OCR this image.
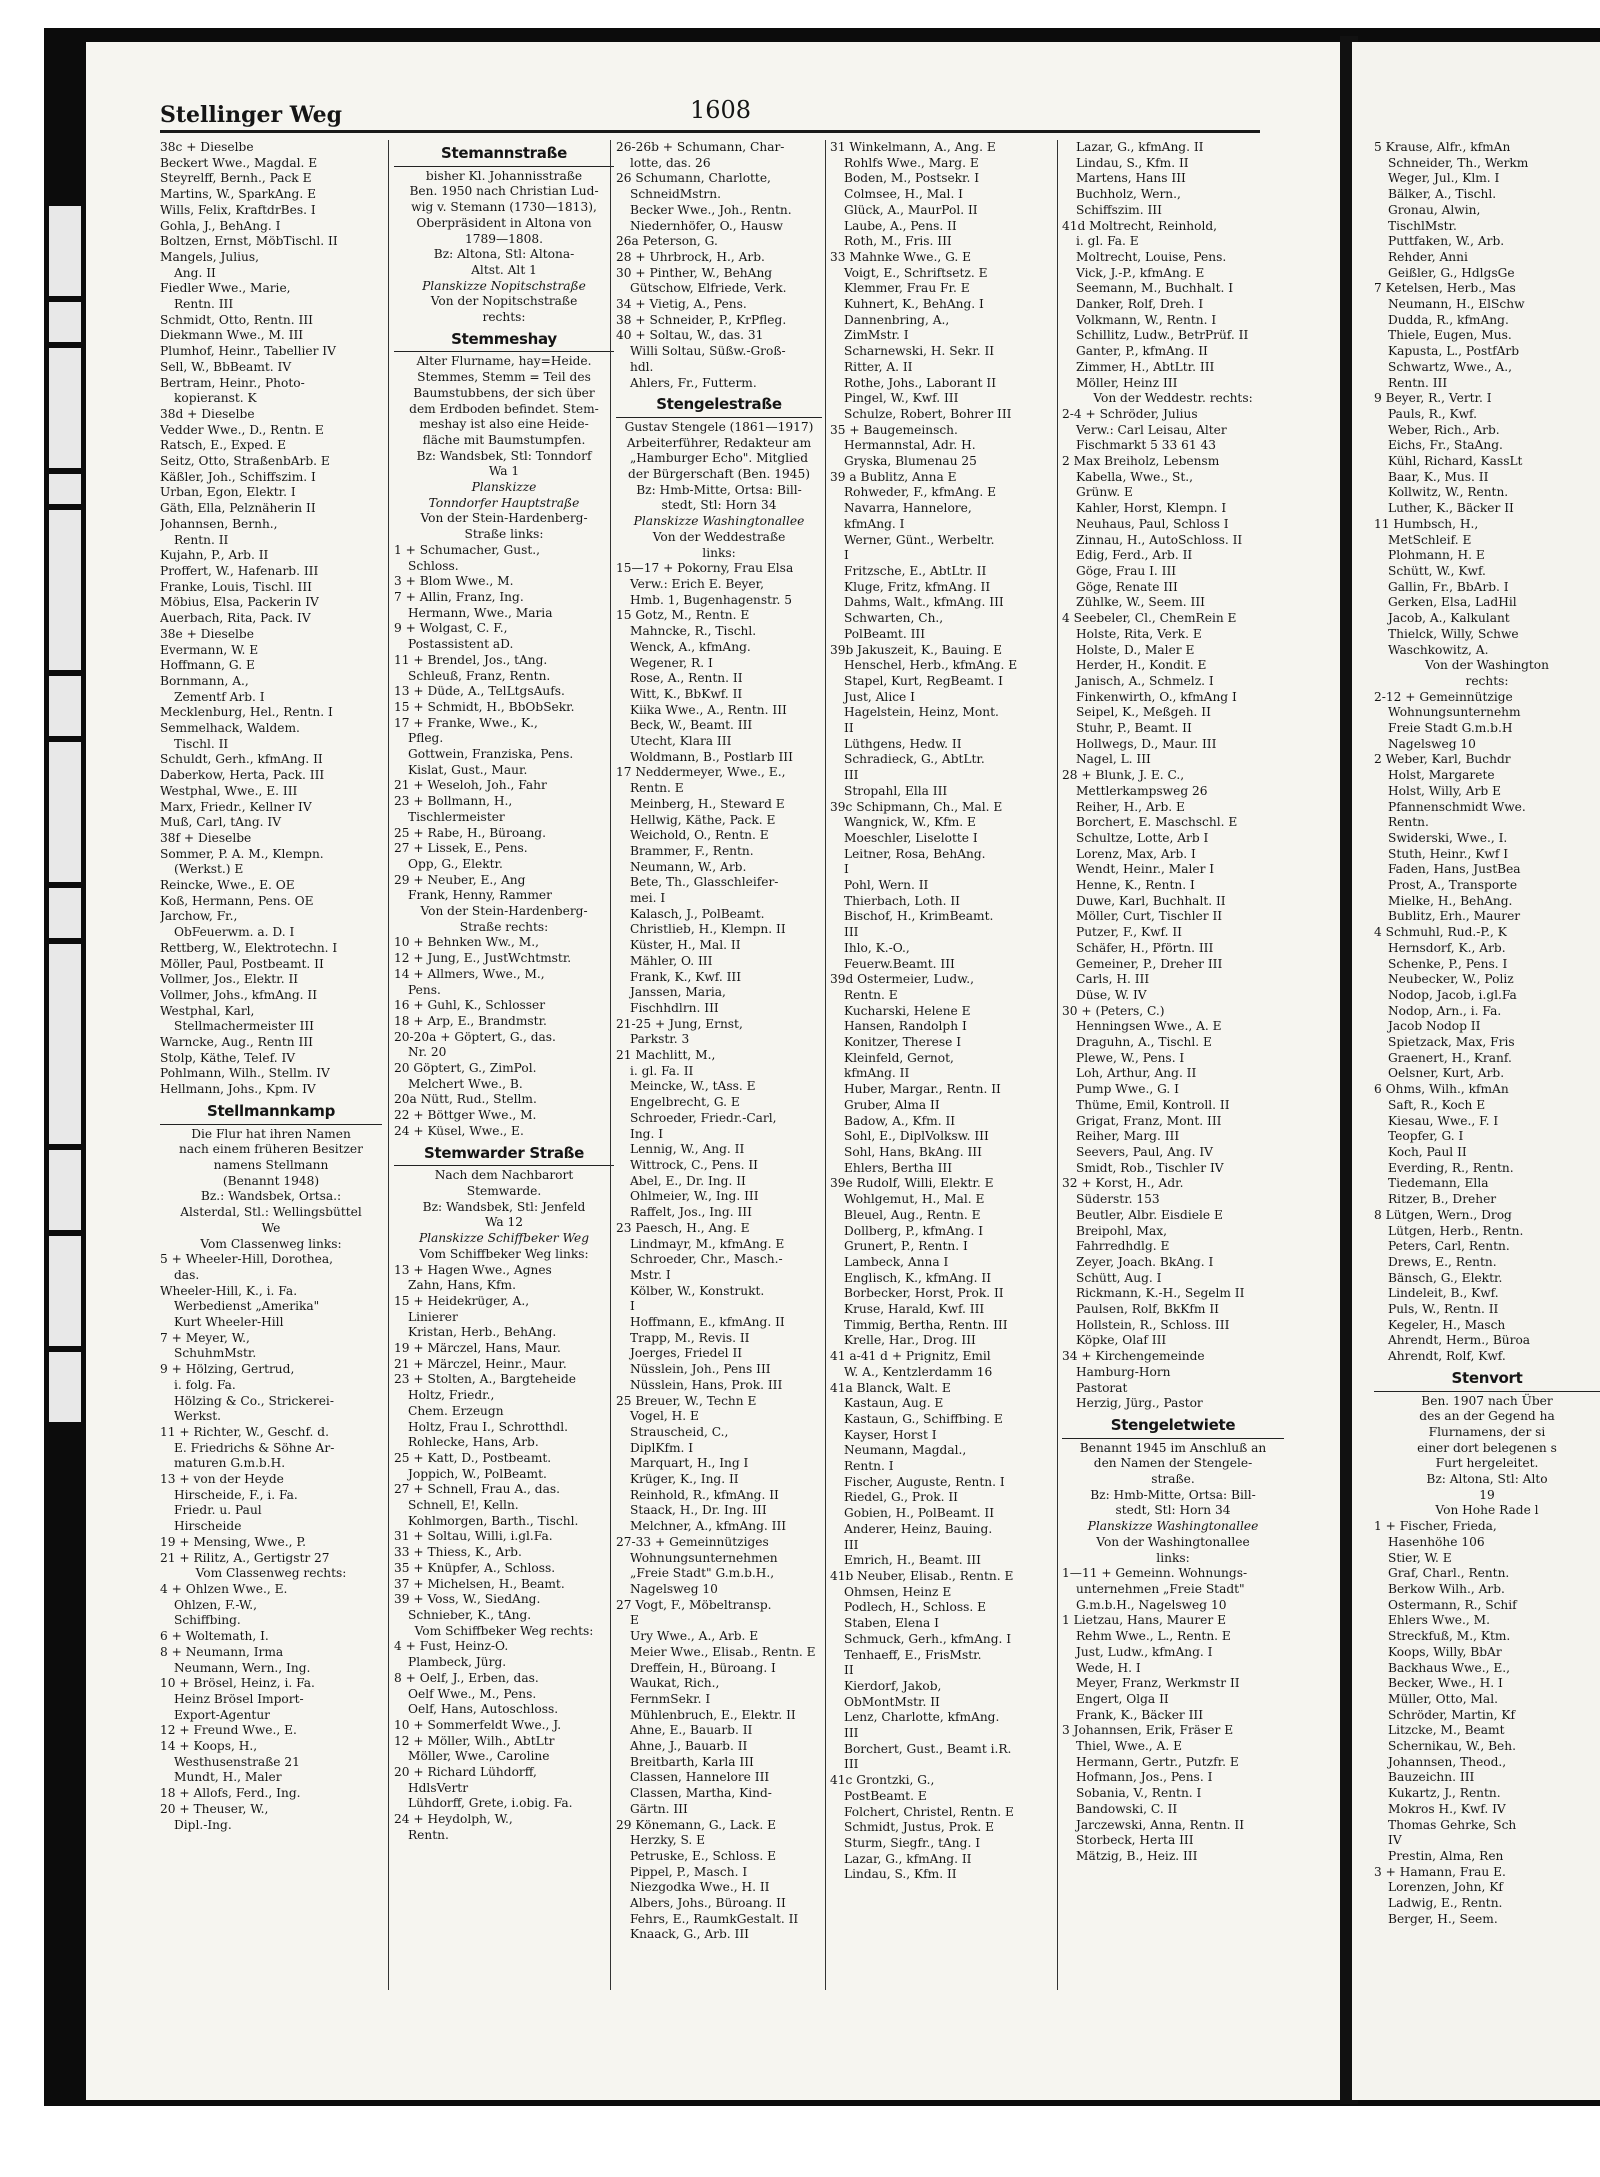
Stellinger Weg	1608
38c + Dieselbe
Beckert Wwe., Magdal. E
Steyrelff, Bernh., Pack E
Martins, W., SparkAng. E
Wills, Felix, KraftdrBes. I
Gohla, J., BehAng. I
Boltzen, Ernst, MöbTischl. II
Mangels, Julius,
Ang. II
Fiedler Wwe., Marie,
Rentn. III
Schmidt, Otto, Rentn. III
Diekmann Wwe., M. III
Plumhof, Heinr., Tabellier IV
Sell, W., BbBeamt. IV
Bertram, Heinr., Photo-
kopieranst. K
38d + Dieselbe
Vedder Wwe., D., Rentn. E
Ratsch, E., Exped. E
Seitz, Otto, StraßenbArb. E
Käßler, Joh., Schiffszim. I
Urban, Egon, Elektr. I
Gäth, Ella, Pelznäherin II
Johannsen, Bernh.,
Rentn. II
Kujahn, P., Arb. II
Proffert, W., Hafenarb. III
Franke, Louis, Tischl. III
Möbius, Elsa, Packerin IV
Auerbach, Rita, Pack. IV
38e + Dieselbe
Evermann, W. E
Hoffmann, G. E
Bornmann, A.,
Zementf Arb. I
Mecklenburg, Hel., Rentn. I
Semmelhack, Waldem.
Tischl. II
Schuldt, Gerh., kfmAng. II
Daberkow, Herta, Pack. III
Westphal, Wwe., E. III
Marx, Friedr., Kellner IV
Muß, Carl, tAng. IV
38f + Dieselbe
Sommer, P. A. M., Klempn.
(Werkst.) E
Reincke, Wwe., E. OE
Koß, Hermann, Pens. OE
Jarchow, Fr.,
ObFeuerwm. a. D. I
Rettberg, W., Elektrotechn. I
Möller, Paul, Postbeamt. II
Vollmer, Jos., Elektr. II
Vollmer, Johs., kfmAng. II
Westphal, Karl,
Stellmachermeister III
Warncke, Aug., Rentn III
Stolp, Käthe, Telef. IV
Pohlmann, Wilh., Stellm. IV
Hellmann, Johs., Kpm. IV
Stellmannkamp
Die Flur hat ihren Namen
nach einem früheren Besitzer
namens Stellmann
(Benannt 1948)
Bz.: Wandsbek, Ortsa.:
Alsterdal, Stl.: Wellingsbüttel
We
Vom Classenweg links:
5 + Wheeler-Hill, Dorothea,
das.
Wheeler-Hill, K., i. Fa.
Werbedienst „Amerika"
Kurt Wheeler-Hill
7 + Meyer, W.,
SchuhmMstr.
9 + Hölzing, Gertrud,
i. folg. Fa.
Hölzing & Co., Strickerei-
Werkst.
11 + Richter, W., Geschf. d.
E. Friedrichs & Söhne Ar-
maturen G.m.b.H.
13 + von der Heyde
Hirscheide, F., i. Fa.
Friedr. u. Paul
Hirscheide
19 + Mensing, Wwe., P.
21 + Rilitz, A., Gertigstr 27
Vom Classenweg rechts:
4 + Ohlzen Wwe., E.
Ohlzen, F.-W.,
Schiffbing.
6 + Woltemath, I.
8 + Neumann, Irma
Neumann, Wern., Ing.
10 + Brösel, Heinz, i. Fa.
Heinz Brösel Import-
Export-Agentur
12 + Freund Wwe., E.
14 + Koops, H.,
Westhusenstraße 21
Mundt, H., Maler
18 + Allofs, Ferd., Ing.
20 + Theuser, W.,
Dipl.-Ing.
Stemannstraße
bisher Kl. Johannisstraße
Ben. 1950 nach Christian Lud-
wig v. Stemann (1730—1813),
Oberpräsident in Altona von
1789—1808.
Bz: Altona, Stl: Altona-
Altst. Alt 1
Planskizze Nopitschstraße
Von der Nopitschstraße
rechts:
Stemmeshay
Alter Flurname, hay=Heide.
Stemmes, Stemm = Teil des
Baumstubbens, der sich über
dem Erdboden befindet. Stem-
meshay ist also eine Heide-
fläche mit Baumstumpfen.
Bz: Wandsbek, Stl: Tonndorf
Wa 1
Planskizze
Tonndorfer Hauptstraße
Von der Stein-Hardenberg-
Straße links:
1 + Schumacher, Gust.,
Schloss.
3 + Blom Wwe., M.
7 + Allin, Franz, Ing.
Hermann, Wwe., Maria
9 + Wolgast, C. F.,
Postassistent aD.
11 + Brendel, Jos., tAng.
Schleuß, Franz, Rentn.
13 + Düde, A., TelLtgsAufs.
15 + Schmidt, H., BbObSekr.
17 + Franke, Wwe., K.,
Pfleg.
Gottwein, Franziska, Pens.
Kislat, Gust., Maur.
21 + Weseloh, Joh., Fahr
23 + Bollmann, H.,
Tischlermeister
25 + Rabe, H., Büroang.
27 + Lissek, E., Pens.
Opp, G., Elektr.
29 + Neuber, E., Ang
Frank, Henny, Rammer
Von der Stein-Hardenberg-
Straße rechts:
10 + Behnken Ww., M.,
12 + Jung, E., JustWchtmstr.
14 + Allmers, Wwe., M.,
Pens.
16 + Guhl, K., Schlosser
18 + Arp, E., Brandmstr.
20-20a + Göptert, G., das.
Nr. 20
20 Göptert, G., ZimPol.
Melchert Wwe., B.
20a Nütt, Rud., Stellm.
22 + Böttger Wwe., M.
24 + Küsel, Wwe., E.
Stemwarder Straße
Nach dem Nachbarort
Stemwarde.
Bz: Wandsbek, Stl: Jenfeld
Wa 12
Planskizze Schiffbeker Weg
Vom Schiffbeker Weg links:
13 + Hagen Wwe., Agnes
Zahn, Hans, Kfm.
15 + Heidekrüger, A.,
Linierer
Kristan, Herb., BehAng.
19 + Märczel, Hans, Maur.
21 + Märczel, Heinr., Maur.
23 + Stolten, A., Bargteheide
Holtz, Friedr.,
Chem. Erzeugn
Holtz, Frau I., Schrotthdl.
Rohlecke, Hans, Arb.
25 + Katt, D., Postbeamt.
Joppich, W., PolBeamt.
27 + Schnell, Frau A., das.
Schnell, E!, Kelln.
Kohlmorgen, Barth., Tischl.
31 + Soltau, Willi, i.gl.Fa.
33 + Thiess, K., Arb.
35 + Knüpfer, A., Schloss.
37 + Michelsen, H., Beamt.
39 + Voss, W., SiedAng.
Schnieber, K., tAng.
Vom Schiffbeker Weg rechts:
4 + Fust, Heinz-O.
Plambeck, Jürg.
8 + Oelf, J., Erben, das.
Oelf Wwe., M., Pens.
Oelf, Hans, Autoschloss.
10 + Sommerfeldt Wwe., J.
12 + Möller, Wilh., AbtLtr
Möller, Wwe., Caroline
20 + Richard Lühdorff,
HdlsVertr
Lühdorff, Grete, i.obig. Fa.
24 + Heydolph, W.,
Rentn.
26-26b + Schumann, Char-
lotte, das. 26
26 Schumann, Charlotte,
SchneidMstrn.
Becker Wwe., Joh., Rentn.
Niedernhöfer, O., Hausw
26a Peterson, G.
28 + Uhrbrock, H., Arb.
30 + Pinther, W., BehAng
Gütschow, Elfriede, Verk.
34 + Vietig, A., Pens.
38 + Schneider, P., KrPfleg.
40 + Soltau, W., das. 31
Willi Soltau, Süßw.-Groß-
hdl.
Ahlers, Fr., Futterm.
Stengelestraße
Gustav Stengele (1861—1917)
Arbeiterführer, Redakteur am
„Hamburger Echo". Mitglied
der Bürgerschaft (Ben. 1945)
Bz: Hmb-Mitte, Ortsa: Bill-
stedt, Stl: Horn 34
Planskizze Washingtonallee
Von der Weddestraße
links:
15—17 + Pokorny, Frau Elsa
Verw.: Erich E. Beyer,
Hmb. 1, Bugenhagenstr. 5
15 Gotz, M., Rentn. E
Mahncke, R., Tischl.
Wenck, A., kfmAng.
Wegener, R. I
Rose, A., Rentn. II
Witt, K., BbKwf. II
Kiika Wwe., A., Rentn. III
Beck, W., Beamt. III
Utecht, Klara III
Woldmann, B., Postlarb III
17 Neddermeyer, Wwe., E.,
Rentn. E
Meinberg, H., Steward E
Hellwig, Käthe, Pack. E
Weichold, O., Rentn. E
Brammer, F., Rentn.
Neumann, W., Arb.
Bete, Th., Glasschleifer-
mei. I
Kalasch, J., PolBeamt.
Christlieb, H., Klempn. II
Küster, H., Mal. II
Mähler, O. III
Frank, K., Kwf. III
Janssen, Maria,
Fischhdlrn. III
21-25 + Jung, Ernst,
Parkstr. 3
21 Machlitt, M.,
i. gl. Fa. II
Meincke, W., tAss. E
Engelbrecht, G. E
Schroeder, Friedr.-Carl,
Ing. I
Lennig, W., Ang. II
Wittrock, C., Pens. II
Abel, E., Dr. Ing. II
Ohlmeier, W., Ing. III
Raffelt, Jos., Ing. III
23 Paesch, H., Ang. E
Lindmayr, M., kfmAng. E
Schroeder, Chr., Masch.-
Mstr. I
Kölber, W., Konstrukt.
I
Hoffmann, E., kfmAng. II
Trapp, M., Revis. II
Joerges, Friedel II
Nüsslein, Joh., Pens III
Nüsslein, Hans, Prok. III
25 Breuer, W., Techn E
Vogel, H. E
Strauscheid, C.,
DiplKfm. I
Marquart, H., Ing I
Krüger, K., Ing. II
Reinhold, R., kfmAng. II
Staack, H., Dr. Ing. III
Melchner, A., kfmAng. III
27-33 + Gemeinnütziges
Wohnungsunternehmen
„Freie Stadt" G.m.b.H.,
Nagelsweg 10
27 Vogt, F., Möbeltransp.
E
Ury Wwe., A., Arb. E
Meier Wwe., Elisab., Rentn. E
Dreffein, H., Büroang. I
Waukat, Rich.,
FernmSekr. I
Mühlenbruch, E., Elektr. II
Ahne, E., Bauarb. II
Ahne, J., Bauarb. II
Breitbarth, Karla III
Classen, Hannelore III
Classen, Martha, Kind-
Gärtn. III
29 Könemann, G., Lack. E
Herzky, S. E
Petruske, E., Schloss. E
Pippel, P., Masch. I
Niezgodka Wwe., H. II
Albers, Johs., Büroang. II
Fehrs, E., RaumkGestalt. II
Knaack, G., Arb. III
31 Winkelmann, A., Ang. E
Rohlfs Wwe., Marg. E
Boden, M., Postsekr. I
Colmsee, H., Mal. I
Glück, A., MaurPol. II
Laube, A., Pens. II
Roth, M., Fris. III
33 Mahnke Wwe., G. E
Voigt, E., Schriftsetz. E
Klemmer, Frau Fr. E
Kuhnert, K., BehAng. I
Dannenbring, A.,
ZimMstr. I
Scharnewski, H. Sekr. II
Ritter, A. II
Rothe, Johs., Laborant II
Pingel, W., Kwf. III
Schulze, Robert, Bohrer III
35 + Baugemeinsch.
Hermannstal, Adr. H.
Gryska, Blumenau 25
39 a Bublitz, Anna E
Rohweder, F., kfmAng. E
Navarra, Hannelore,
kfmAng. I
Werner, Günt., Werbeltr.
I
Fritzsche, E., AbtLtr. II
Kluge, Fritz, kfmAng. II
Dahms, Walt., kfmAng. III
Schwarten, Ch.,
PolBeamt. III
39b Jakuszeit, K., Bauing. E
Henschel, Herb., kfmAng. E
Stapel, Kurt, RegBeamt. I
Just, Alice I
Hagelstein, Heinz, Mont.
II
Lüthgens, Hedw. II
Schradieck, G., AbtLtr.
III
Stropahl, Ella III
39c Schipmann, Ch., Mal. E
Wangnick, W., Kfm. E
Moeschler, Liselotte I
Leitner, Rosa, BehAng.
I
Pohl, Wern. II
Thierbach, Loth. II
Bischof, H., KrimBeamt.
III
Ihlo, K.-O.,
Feuerw.Beamt. III
39d Ostermeier, Ludw.,
Rentn. E
Kucharski, Helene E
Hansen, Randolph I
Konitzer, Therese I
Kleinfeld, Gernot,
kfmAng. II
Huber, Margar., Rentn. II
Gruber, Alma II
Badow, A., Kfm. II
Sohl, E., DiplVolksw. III
Sohl, Hans, BkAng. III
Ehlers, Bertha III
39e Rudolf, Willi, Elektr. E
Wohlgemut, H., Mal. E
Bleuel, Aug., Rentn. E
Dollberg, P., kfmAng. I
Grunert, P., Rentn. I
Lambeck, Anna I
Englisch, K., kfmAng. II
Borbecker, Horst, Prok. II
Kruse, Harald, Kwf. III
Timmig, Bertha, Rentn. III
Krelle, Har., Drog. III
41 a-41 d + Prignitz, Emil
W. A., Kentzlerdamm 16
41a Blanck, Walt. E
Kastaun, Aug. E
Kastaun, G., Schiffbing. E
Kayser, Horst I
Neumann, Magdal.,
Rentn. I
Fischer, Auguste, Rentn. I
Riedel, G., Prok. II
Gobien, H., PolBeamt. II
Anderer, Heinz, Bauing.
III
Emrich, H., Beamt. III
41b Neuber, Elisab., Rentn. E
Ohmsen, Heinz E
Podlech, H., Schloss. E
Staben, Elena I
Schmuck, Gerh., kfmAng. I
Tenhaeff, E., FrisMstr.
II
Kierdorf, Jakob,
ObMontMstr. II
Lenz, Charlotte, kfmAng.
III
Borchert, Gust., Beamt i.R.
III
41c Grontzki, G.,
PostBeamt. E
Folchert, Christel, Rentn. E
Schmidt, Justus, Prok. E
Sturm, Siegfr., tAng. I
Lazar, G., kfmAng. II
Lindau, S., Kfm. II
Lazar, G., kfmAng. II
Lindau, S., Kfm. II
Martens, Hans III
Buchholz, Wern.,
Schiffszim. III
41d Moltrecht, Reinhold,
i. gl. Fa. E
Moltrecht, Louise, Pens.
Vick, J.-P., kfmAng. E
Seemann, M., Buchhalt. I
Danker, Rolf, Dreh. I
Volkmann, W., Rentn. I
Schillitz, Ludw., BetrPrüf. II
Ganter, P., kfmAng. II
Zimmer, H., AbtLtr. III
Möller, Heinz III
Von der Weddestr. rechts:
2-4 + Schröder, Julius
Verw.: Carl Leisau, Alter
Fischmarkt 5 33 61 43
2 Max Breiholz, Lebensm
Kabella, Wwe., St.,
Grünw. E
Kahler, Horst, Klempn. I
Neuhaus, Paul, Schloss I
Zinnau, H., AutoSchloss. II
Edig, Ferd., Arb. II
Göge, Frau I. III
Göge, Renate III
Zühlke, W., Seem. III
4 Seebeler, Cl., ChemRein E
Holste, Rita, Verk. E
Holste, D., Maler E
Herder, H., Kondit. E
Janisch, A., Schmelz. I
Finkenwirth, O., kfmAng I
Seipel, K., Meßgeh. II
Stuhr, P., Beamt. II
Hollwegs, D., Maur. III
Nagel, L. III
28 + Blunk, J. E. C.,
Mettlerkampsweg 26
Reiher, H., Arb. E
Borchert, E. Maschschl. E
Schultze, Lotte, Arb I
Lorenz, Max, Arb. I
Wendt, Heinr., Maler I
Henne, K., Rentn. I
Duwe, Karl, Buchhalt. II
Möller, Curt, Tischler II
Putzer, F., Kwf. II
Schäfer, H., Pförtn. III
Gemeiner, P., Dreher III
Carls, H. III
Düse, W. IV
30 + (Peters, C.)
Henningsen Wwe., A. E
Draguhn, A., Tischl. E
Plewe, W., Pens. I
Loh, Arthur, Ang. II
Pump Wwe., G. I
Thüme, Emil, Kontroll. II
Grigat, Franz, Mont. III
Reiher, Marg. III
Seevers, Paul, Ang. IV
Smidt, Rob., Tischler IV
32 + Korst, H., Adr.
Süderstr. 153
Beutler, Albr. Eisdiele E
Breipohl, Max,
Fahrredhdlg. E
Zeyer, Joach. BkAng. I
Schütt, Aug. I
Rickmann, K.-H., Segelm II
Paulsen, Rolf, BkKfm II
Hollstein, R., Schloss. III
Köpke, Olaf III
34 + Kirchengemeinde
Hamburg-Horn
Pastorat
Herzig, Jürg., Pastor
Stengeletwiete
Benannt 1945 im Anschluß an
den Namen der Stengele-
straße.
Bz: Hmb-Mitte, Ortsa: Bill-
stedt, Stl: Horn 34
Planskizze Washingtonallee
Von der Washingtonallee
links:
1—11 + Gemeinn. Wohnungs-
unternehmen „Freie Stadt"
G.m.b.H., Nagelsweg 10
1 Lietzau, Hans, Maurer E
Rehm Wwe., L., Rentn. E
Just, Ludw., kfmAng. I
Wede, H. I
Meyer, Franz, Werkmstr II
Engert, Olga II
Frank, K., Bäcker III
3 Johannsen, Erik, Fräser E
Thiel, Wwe., A. E
Hermann, Gertr., Putzfr. E
Hofmann, Jos., Pens. I
Sobania, V., Rentn. I
Bandowski, C. II
Jarczewski, Anna, Rentn. II
Storbeck, Herta III
Mätzig, B., Heiz. III
5 Krause, Alfr., kfmAn
Schneider, Th., Werkm
Weger, Jul., Klm. I
Bälker, A., Tischl.
Gronau, Alwin,
TischlMstr.
Puttfaken, W., Arb.
Rehder, Anni
Geißler, G., HdlgsGe
7 Ketelsen, Herb., Mas
Neumann, H., ElSchw
Dudda, R., kfmAng.
Thiele, Eugen, Mus.
Kapusta, L., PostfArb
Schwartz, Wwe., A.,
Rentn. III
9 Beyer, R., Vertr. I
Pauls, R., Kwf.
Weber, Rich., Arb.
Eichs, Fr., StaAng.
Kühl, Richard, KassLt
Baar, K., Mus. II
Kollwitz, W., Rentn.
Luther, K., Bäcker II
11 Humbsch, H.,
MetSchleif. E
Plohmann, H. E
Schütt, W., Kwf.
Gallin, Fr., BbArb. I
Gerken, Elsa, LadHil
Jacob, A., Kalkulant
Thielck, Willy, Schwe
Waschkowitz, A.
Von der Washington
rechts:
2-12 + Gemeinnützige
Wohnungsunternehm
Freie Stadt G.m.b.H
Nagelsweg 10
2 Weber, Karl, Buchdr
Holst, Margarete
Holst, Willy, Arb E
Pfannenschmidt Wwe.
Rentn.
Swiderski, Wwe., I.
Stuth, Heinr., Kwf I
Faden, Hans, JustBea
Prost, A., Transporte
Mielke, H., BehAng.
Bublitz, Erh., Maurer
4 Schmuhl, Rud.-P., K
Hernsdorf, K., Arb.
Schenke, P., Pens. I
Neubecker, W., Poliz
Nodop, Jacob, i.gl.Fa
Nodop, Arn., i. Fa.
Jacob Nodop II
Spietzack, Max, Fris
Graenert, H., Kranf.
Oelsner, Kurt, Arb.
6 Ohms, Wilh., kfmAn
Saft, R., Koch E
Kiesau, Wwe., F. I
Teopfer, G. I
Koch, Paul II
Everding, R., Rentn.
Tiedemann, Ella
Ritzer, B., Dreher
8 Lütgen, Wern., Drog
Lütgen, Herb., Rentn.
Peters, Carl, Rentn.
Drews, E., Rentn.
Bänsch, G., Elektr.
Lindeleit, B., Kwf.
Puls, W., Rentn. II
Kegeler, H., Masch
Ahrendt, Herm., Büroa
Ahrendt, Rolf, Kwf.
Stenvort
Ben. 1907 nach Über
des an der Gegend ha
Flurnamens, der si
einer dort belegenen s
Furt hergeleitet.
Bz: Altona, Stl: Alto
19
Von Hohe Rade l
1 + Fischer, Frieda,
Hasenhöhe 106
Stier, W. E
Graf, Charl., Rentn.
Berkow Wilh., Arb.
Ostermann, R., Schif
Ehlers Wwe., M.
Streckfuß, M., Ktm.
Koops, Willy, BbAr
Backhaus Wwe., E.,
Becker, Wwe., H. I
Müller, Otto, Mal.
Schröder, Martin, Kf
Litzcke, M., Beamt
Schernikau, W., Beh.
Johannsen, Theod.,
Bauzeichn. III
Kukartz, J., Rentn.
Mokros H., Kwf. IV
Thomas Gehrke, Sch
IV
Prestin, Alma, Ren
3 + Hamann, Frau E.
Lorenzen, John, Kf
Ladwig, E., Rentn.
Berger, H., Seem.
